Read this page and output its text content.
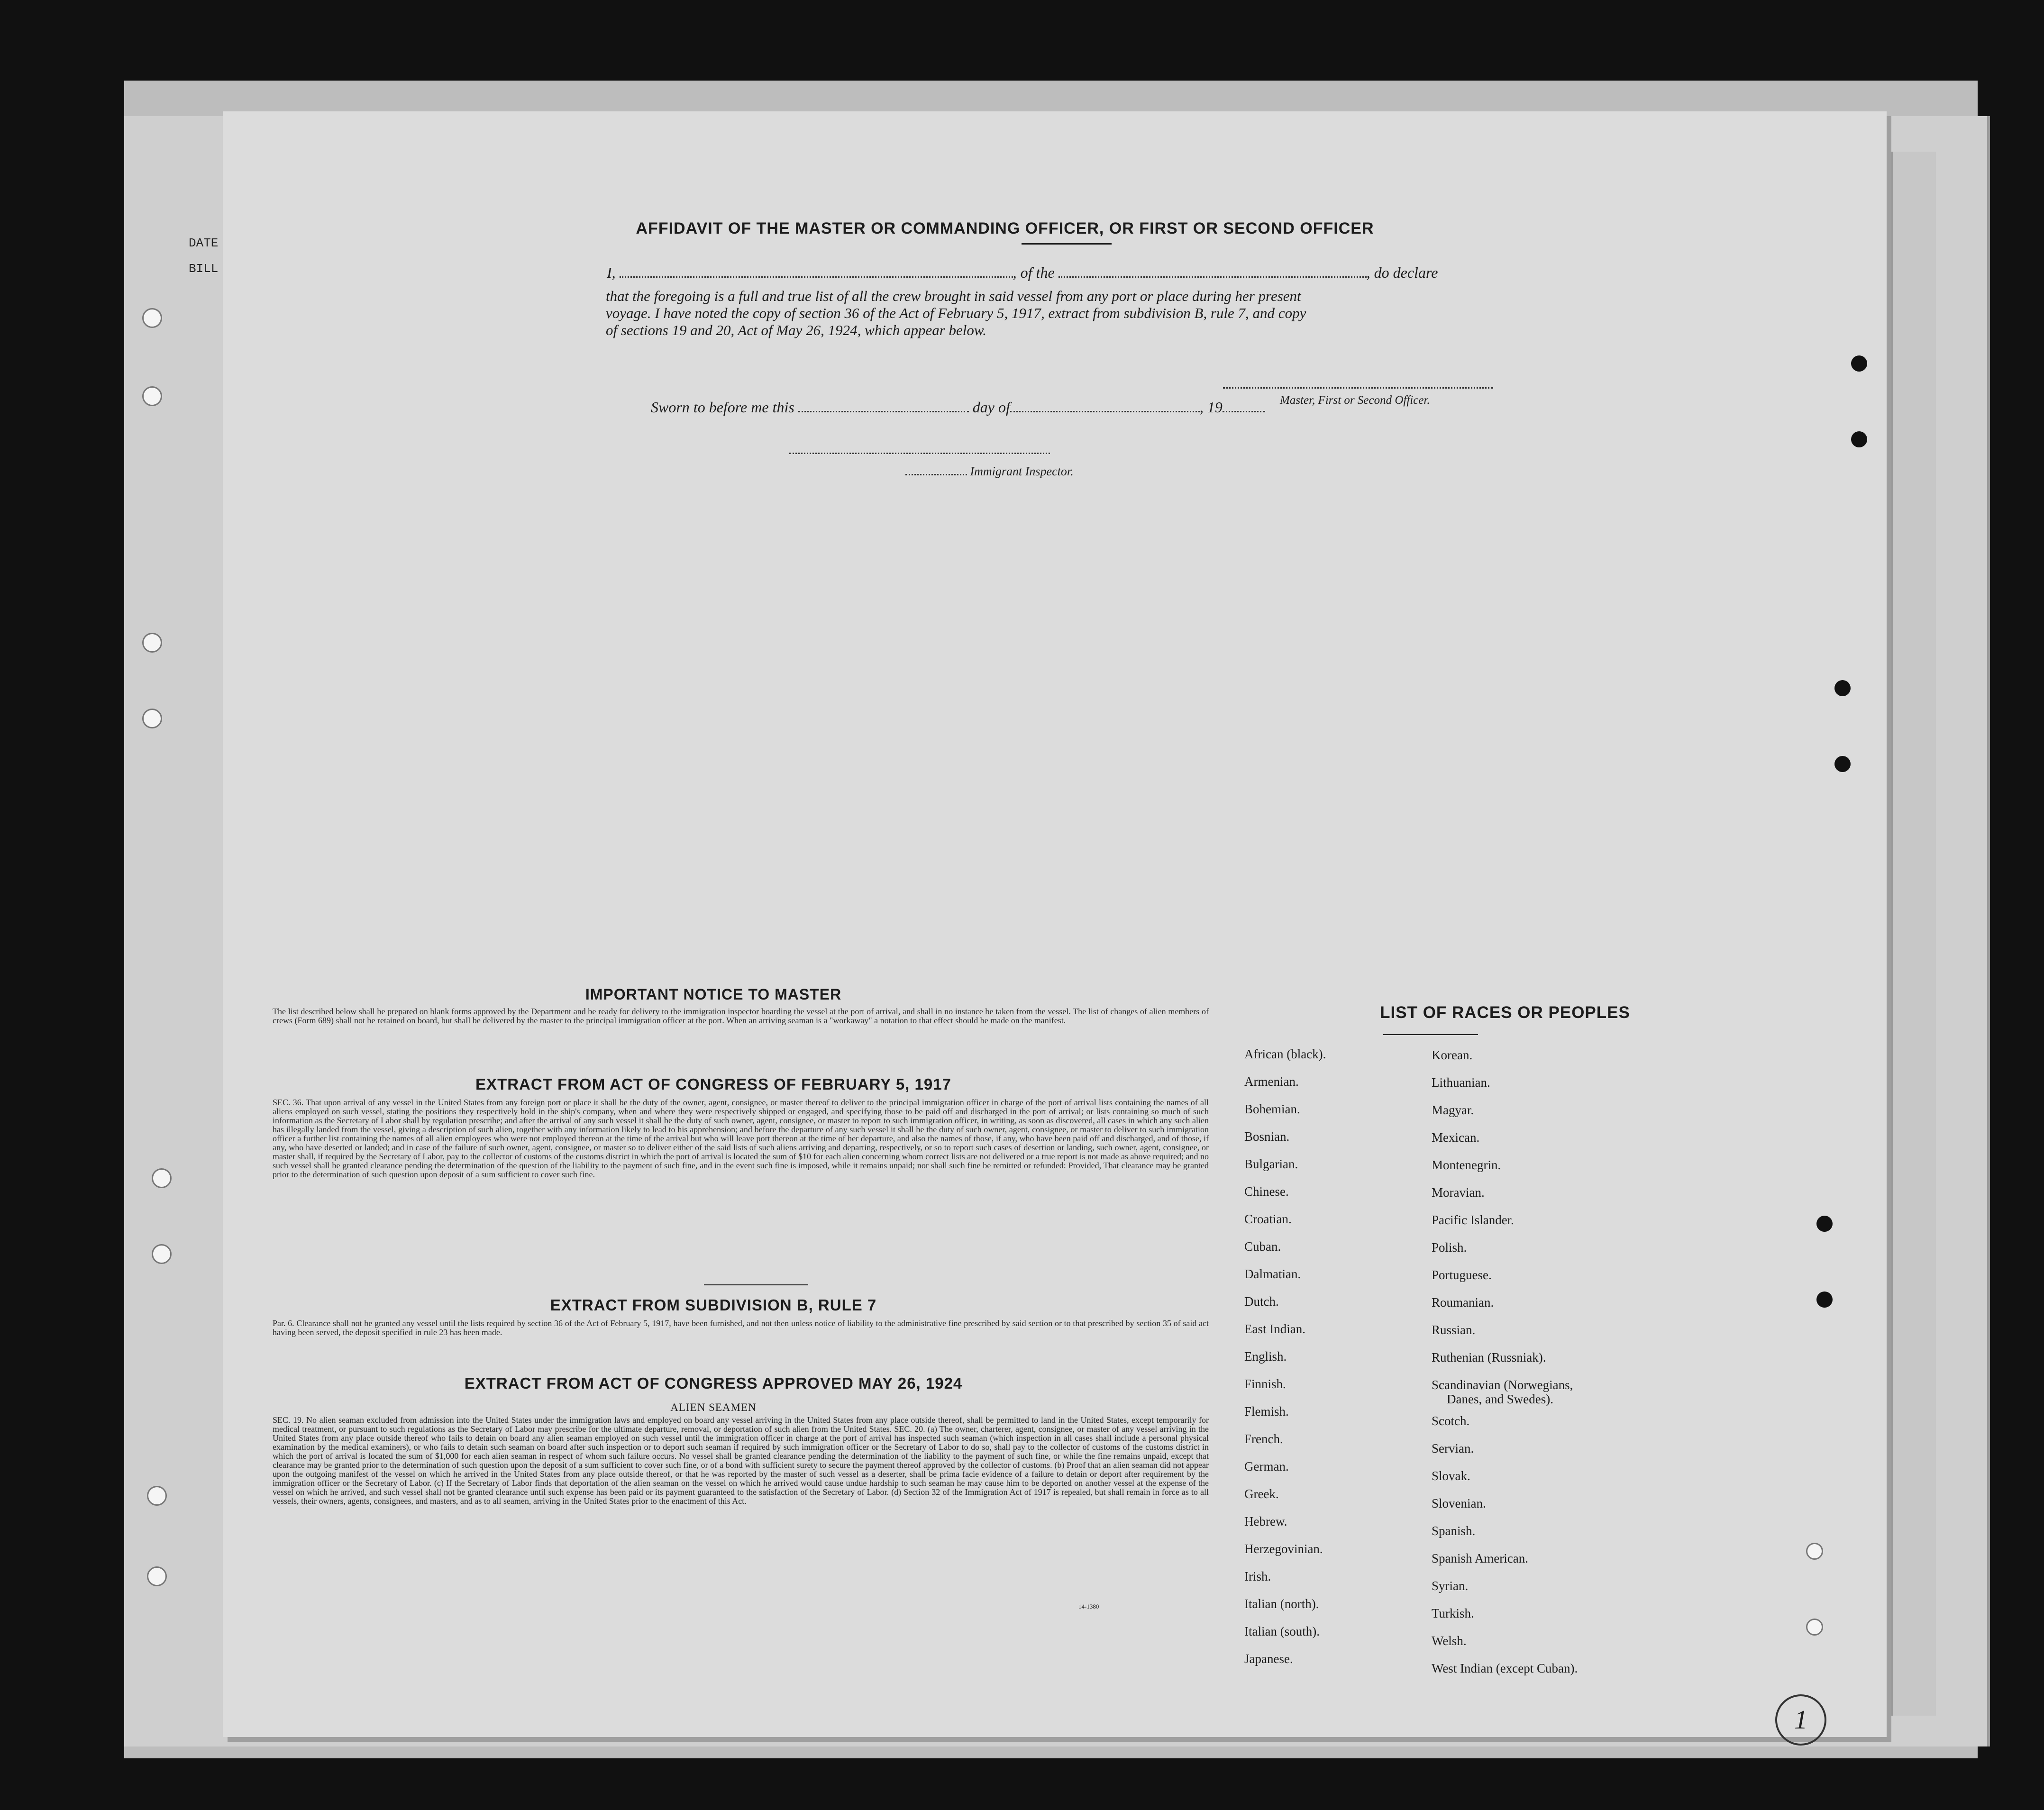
DATE
BILL
AFFIDAVIT OF THE MASTER OR COMMANDING OFFICER, OR FIRST OR SECOND OFFICER
I,	, of the	, do declare
that the foregoing is a full and true list of all the crew brought in said vessel from any port or place during her present
voyage. I have noted the copy of section 36 of the Act of February 5, 1917, extract from subdivision B, rule 7, and copy
of sections 19 and 20, Act of May 26, 1924, which appear below.
Master, First or Second Officer.
Sworn to before me this	day of	, 19
Immigrant Inspector.
IMPORTANT NOTICE TO MASTER
The list described below shall be prepared on blank forms approved by the Department and be ready for delivery to the immigration inspector boarding the vessel at the port of arrival, and shall in no instance be taken from the vessel. The list of changes of alien members of crews (Form 689) shall not be retained on board, but shall be delivered by the master to the principal immigration officer at the port. When an arriving seaman is a "workaway" a notation to that effect should be made on the manifest.
EXTRACT FROM ACT OF CONGRESS OF FEBRUARY 5, 1917
SEC. 36. That upon arrival of any vessel in the United States from any foreign port or place it shall be the duty of the owner, agent, consignee, or master thereof to deliver to the principal immigration officer in charge of the port of arrival lists containing the names of all aliens employed on such vessel, stating the positions they respectively hold in the ship's company, when and where they were respectively shipped or engaged, and specifying those to be paid off and discharged in the port of arrival; or lists containing so much of such information as the Secretary of Labor shall by regulation prescribe; and after the arrival of any such vessel it shall be the duty of such owner, agent, consignee, or master to report to such immigration officer, in writing, as soon as discovered, all cases in which any such alien has illegally landed from the vessel, giving a description of such alien, together with any information likely to lead to his apprehension; and before the departure of any such vessel it shall be the duty of such owner, agent, consignee, or master to deliver to such immigration officer a further list containing the names of all alien employees who were not employed thereon at the time of the arrival but who will leave port thereon at the time of her departure, and also the names of those, if any, who have been paid off and discharged, and of those, if any, who have deserted or landed; and in case of the failure of such owner, agent, consignee, or master so to deliver either of the said lists of such aliens arriving and departing, respectively, or so to report such cases of desertion or landing, such owner, agent, consignee, or master shall, if required by the Secretary of Labor, pay to the collector of customs of the customs district in which the port of arrival is located the sum of $10 for each alien concerning whom correct lists are not delivered or a true report is not made as above required; and no such vessel shall be granted clearance pending the determination of the question of the liability to the payment of such fine, and in the event such fine is imposed, while it remains unpaid; nor shall such fine be remitted or refunded: Provided, That clearance may be granted prior to the determination of such question upon deposit of a sum sufficient to cover such fine.
EXTRACT FROM SUBDIVISION B, RULE 7
Par. 6. Clearance shall not be granted any vessel until the lists required by section 36 of the Act of February 5, 1917, have been furnished, and not then unless notice of liability to the administrative fine prescribed by said section or to that prescribed by section 35 of said act having been served, the deposit specified in rule 23 has been made.
EXTRACT FROM ACT OF CONGRESS APPROVED MAY 26, 1924
ALIEN SEAMEN
SEC. 19. No alien seaman excluded from admission into the United States under the immigration laws and employed on board any vessel arriving in the United States from any place outside thereof, shall be permitted to land in the United States, except temporarily for medical treatment, or pursuant to such regulations as the Secretary of Labor may prescribe for the ultimate departure, removal, or deportation of such alien from the United States. SEC. 20. (a) The owner, charterer, agent, consignee, or master of any vessel arriving in the United States from any place outside thereof who fails to detain on board any alien seaman employed on such vessel until the immigration officer in charge at the port of arrival has inspected such seaman (which inspection in all cases shall include a personal physical examination by the medical examiners), or who fails to detain such seaman on board after such inspection or to deport such seaman if required by such immigration officer or the Secretary of Labor to do so, shall pay to the collector of customs of the customs district in which the port of arrival is located the sum of $1,000 for each alien seaman in respect of whom such failure occurs. No vessel shall be granted clearance pending the determination of the liability to the payment of such fine, or while the fine remains unpaid, except that clearance may be granted prior to the determination of such question upon the deposit of a sum sufficient to cover such fine, or of a bond with sufficient surety to secure the payment thereof approved by the collector of customs. (b) Proof that an alien seaman did not appear upon the outgoing manifest of the vessel on which he arrived in the United States from any place outside thereof, or that he was reported by the master of such vessel as a deserter, shall be prima facie evidence of a failure to detain or deport after requirement by the immigration officer or the Secretary of Labor. (c) If the Secretary of Labor finds that deportation of the alien seaman on the vessel on which he arrived would cause undue hardship to such seaman he may cause him to be deported on another vessel at the expense of the vessel on which he arrived, and such vessel shall not be granted clearance until such expense has been paid or its payment guaranteed to the satisfaction of the Secretary of Labor. (d) Section 32 of the Immigration Act of 1917 is repealed, but shall remain in force as to all vessels, their owners, agents, consignees, and masters, and as to all seamen, arriving in the United States prior to the enactment of this Act.
14-1380
LIST OF RACES OR PEOPLES
African (black).
Armenian.
Bohemian.
Bosnian.
Bulgarian.
Chinese.
Croatian.
Cuban.
Dalmatian.
Dutch.
East Indian.
English.
Finnish.
Flemish.
French.
German.
Greek.
Hebrew.
Herzegovinian.
Irish.
Italian (north).
Italian (south).
Japanese.
Korean.
Lithuanian.
Magyar.
Mexican.
Montenegrin.
Moravian.
Pacific Islander.
Polish.
Portuguese.
Roumanian.
Russian.
Ruthenian (Russniak).
Scandinavian (Norwegians,
Danes, and Swedes).
Scotch.
Servian.
Slovak.
Slovenian.
Spanish.
Spanish American.
Syrian.
Turkish.
Welsh.
West Indian (except Cuban).
1
